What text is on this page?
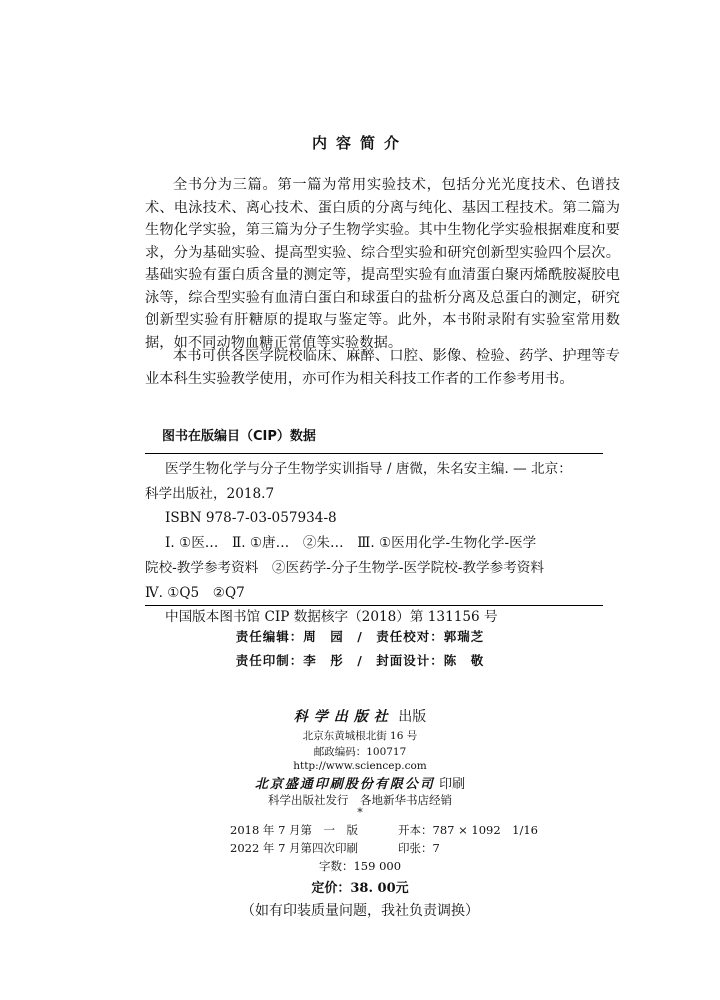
内容简介
全书分为三篇。第一篇为常用实验技术，包括分光光度技术、色谱技术、电泳技术、离心技术、蛋白质的分离与纯化、基因工程技术。第二篇为生物化学实验，第三篇为分子生物学实验。其中生物化学实验根据难度和要求，分为基础实验、提高型实验、综合型实验和研究创新型实验四个层次。基础实验有蛋白质含量的测定等，提高型实验有血清蛋白聚丙烯酰胺凝胶电泳等，综合型实验有血清白蛋白和球蛋白的盐析分离及总蛋白的测定，研究创新型实验有肝糖原的提取与鉴定等。此外，本书附录附有实验室常用数据，如不同动物血糖正常值等实验数据。
本书可供各医学院校临床、麻醉、口腔、影像、检验、药学、护理等专业本科生实验教学使用，亦可作为相关科技工作者的工作参考用书。
图书在版编目（CIP）数据
医学生物化学与分子生物学实训指导 / 唐微，朱名安主编. — 北京：
科学出版社，2018.7
ISBN 978-7-03-057934-8
Ⅰ. ①医…　Ⅱ. ①唐…　②朱…　Ⅲ. ①医用化学-生物化学-医学
院校-教学参考资料　②医药学-分子生物学-医学院校-教学参考资料
Ⅳ. ①Q5　②Q7
中国版本图书馆 CIP 数据核字（2018）第 131156 号
责任编辑：周　园　/　责任校对：郭瑞芝
责任印制：李　彤　/　封面设计：陈　敬
科学出版社 出版
北京东黄城根北街 16 号
邮政编码：100717
http://www.sciencep.com
北京盛通印刷股份有限公司 印刷
科学出版社发行　各地新华书店经销
*
2018 年 7 月第　一　版	开本：787 × 1092　1/16
2022 年 7 月第四次印刷	印张：7
字数：159 000
定价：38. 00元
（如有印装质量问题，我社负责调换）
